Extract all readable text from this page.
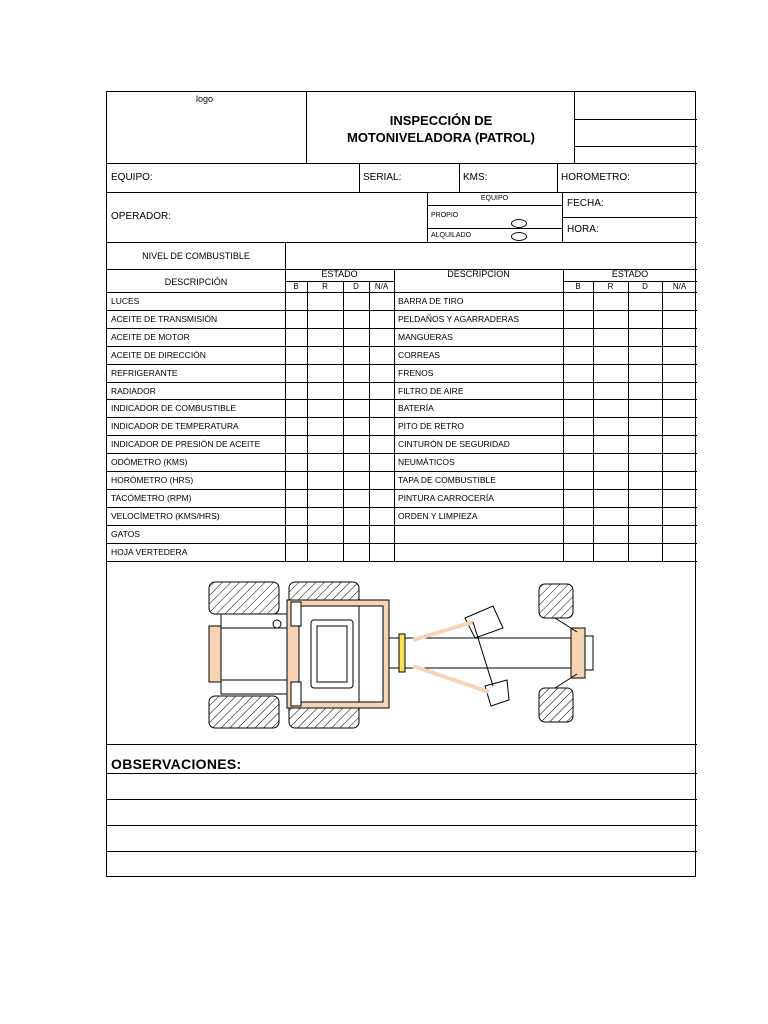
logo
INSPECCIÓN DE
MOTONIVELADORA (PATROL)
EQUIPO:	SERIAL:	KMS:	HOROMETRO:
OPERADOR:
EQUIPO
PROPIO
ALQUILADO
FECHA:
HORA:
NIVEL DE COMBUSTIBLE
DESCRIPCIÓN
ESTADO	DESCRIPCIÓN	ESTADO
B	R	D	N/A	B	R	D	N/A
LUCES	BARRA DE TIRO
ACEITE DE TRANSMISIÓN	PELDAÑOS Y AGARRADERAS
ACEITE DE MOTOR	MANGUERAS
ACEITE DE DIRECCIÓN	CORREAS
REFRIGERANTE	FRENOS
RADIADOR	FILTRO DE AIRE
INDICADOR DE COMBUSTIBLE	BATERÍA
INDICADOR DE TEMPERATURA	PITO DE RETRO
INDICADOR DE PRESIÓN DE ACEITE	CINTURÓN DE SEGURIDAD
ODÓMETRO (KMS)	NEUMÁTICOS
HORÓMETRO (HRS)	TAPA DE COMBUSTIBLE
TACÓMETRO (RPM)	PINTURA CARROCERÍA
VELOCÍMETRO (KMS/HRS)	ORDEN Y LIMPIEZA
GATOS
HOJA VERTEDERA
OBSERVACIONES:
